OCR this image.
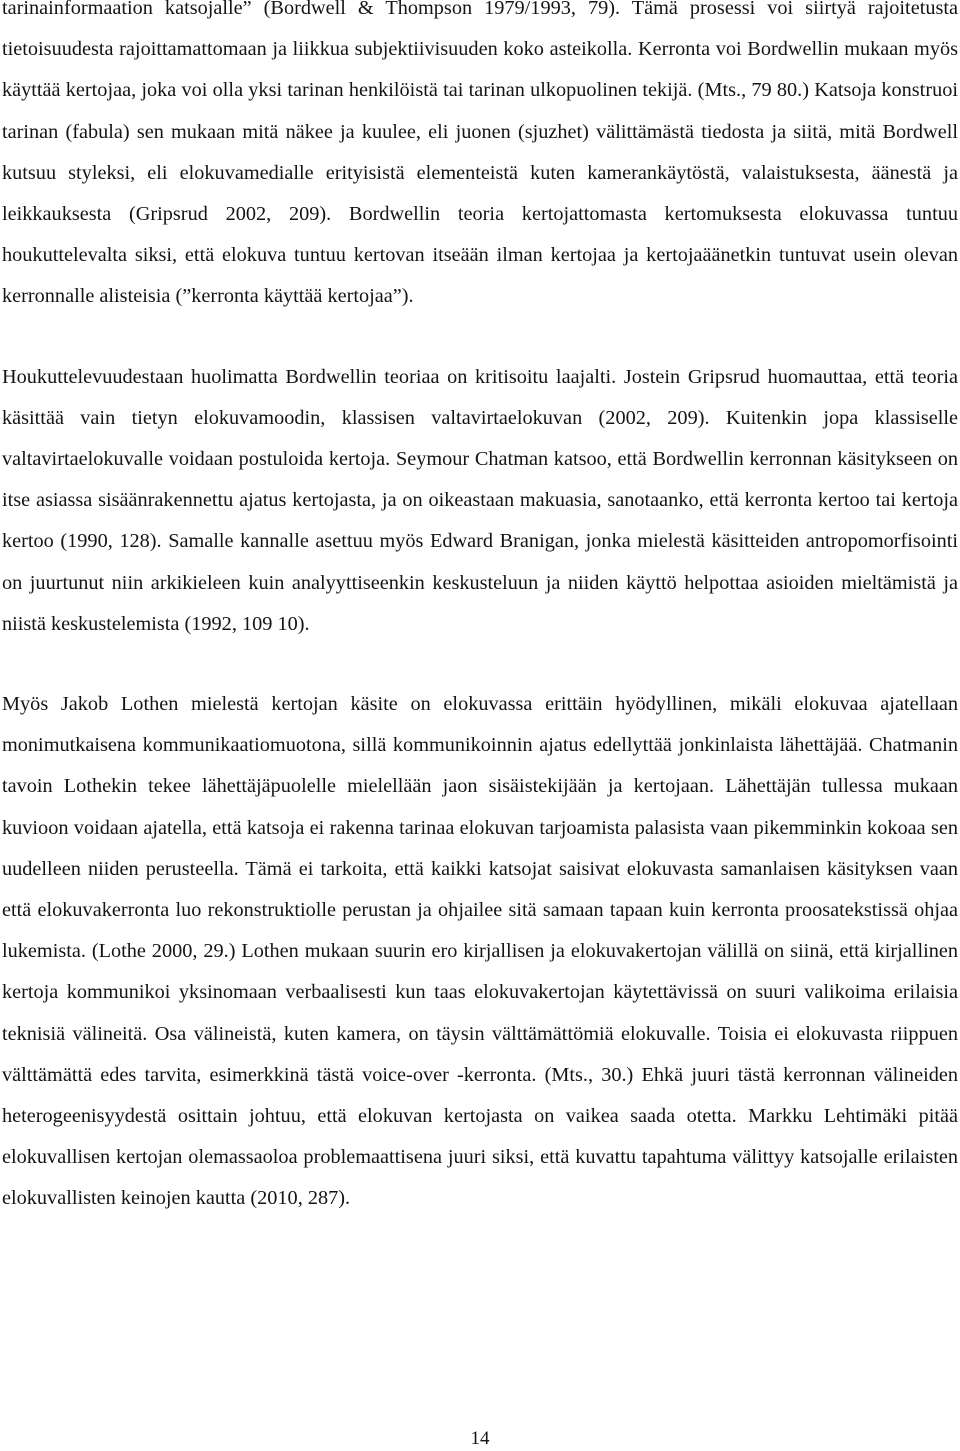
tarinainformaation katsojalle” (Bordwell & Thompson 1979/1993, 79). Tämä prosessi voi siirtyä rajoitetusta tietoisuudesta rajoittamattomaan ja liikkua subjektiivisuuden koko asteikolla. Kerronta voi Bordwellin mukaan myös käyttää kertojaa, joka voi olla yksi tarinan henkilöistä tai tarinan ulkopuolinen tekijä. (Mts., 79 80.) Katsoja konstruoi tarinan (fabula) sen mukaan mitä näkee ja kuulee, eli juonen (sjuzhet) välittämästä tiedosta ja siitä, mitä Bordwell kutsuu styleksi, eli elokuvamedialle erityisistä elementeistä kuten kamerankäytöstä, valaistuksesta, äänestä ja leikkauksesta (Gripsrud 2002, 209). Bordwellin teoria kertojattomasta kertomuksesta elokuvassa tuntuu houkuttelevalta siksi, että elokuva tuntuu kertovan itseään ilman kertojaa ja kertojaäänetkin tuntuvat usein olevan kerronnalle alisteisia (”kerronta käyttää kertojaa”).

Houkuttelevuudestaan huolimatta Bordwellin teoriaa on kritisoitu laajalti. Jostein Gripsrud huomauttaa, että teoria käsittää vain tietyn elokuvamoodin, klassisen valtavirtaelokuvan (2002, 209). Kuitenkin jopa klassiselle valtavirtaelokuvalle voidaan postuloida kertoja. Seymour Chatman katsoo, että Bordwellin kerronnan käsitykseen on itse asiassa sisäänrakennettu ajatus kertojasta, ja on oikeastaan makuasia, sanotaanko, että kerronta kertoo tai kertoja kertoo (1990, 128). Samalle kannalle asettuu myös Edward Branigan, jonka mielestä käsitteiden antropomorfisointi on juurtunut niin arkikieleen kuin analyyttiseenkin keskusteluun ja niiden käyttö helpottaa asioiden mieltämistä ja niistä keskustelemista (1992, 109 10).

Myös Jakob Lothen mielestä kertojan käsite on elokuvassa erittäin hyödyllinen, mikäli elokuvaa ajatellaan monimutkaisena kommunikaatiomuotona, sillä kommunikoinnin ajatus edellyttää jonkinlaista lähettäjää. Chatmanin tavoin Lothekin tekee lähettäjäpuolelle mielellään jaon sisäistekijään ja kertojaan. Lähettäjän tullessa mukaan kuvioon voidaan ajatella, että katsoja ei rakenna tarinaa elokuvan tarjoamista palasista vaan pikemminkin kokoaa sen uudelleen niiden perusteella. Tämä ei tarkoita, että kaikki katsojat saisivat elokuvasta samanlaisen käsityksen vaan että elokuvakerronta luo rekonstruktiolle perustan ja ohjailee sitä samaan tapaan kuin kerronta proosatekstissä ohjaa lukemista. (Lothe 2000, 29.) Lothen mukaan suurin ero kirjallisen ja elokuvakertojan välillä on siinä, että kirjallinen kertoja kommunikoi yksinomaan verbaalisesti kun taas elokuvakertojan käytettävissä on suuri valikoima erilaisia teknisiä välineitä. Osa välineistä, kuten kamera, on täysin välttämättömiä elokuvalle. Toisia ei elokuvasta riippuen välttämättä edes tarvita, esimerkkinä tästä voice-over -kerronta. (Mts., 30.) Ehkä juuri tästä kerronnan välineiden heterogeenisyydestä osittain johtuu, että elokuvan kertojasta on vaikea saada otetta. Markku Lehtimäki pitää elokuvallisen kertojan olemassaoloa problemaattisena juuri siksi, että kuvattu tapahtuma välittyy katsojalle erilaisten elokuvallisten keinojen kautta (2010, 287).

14
